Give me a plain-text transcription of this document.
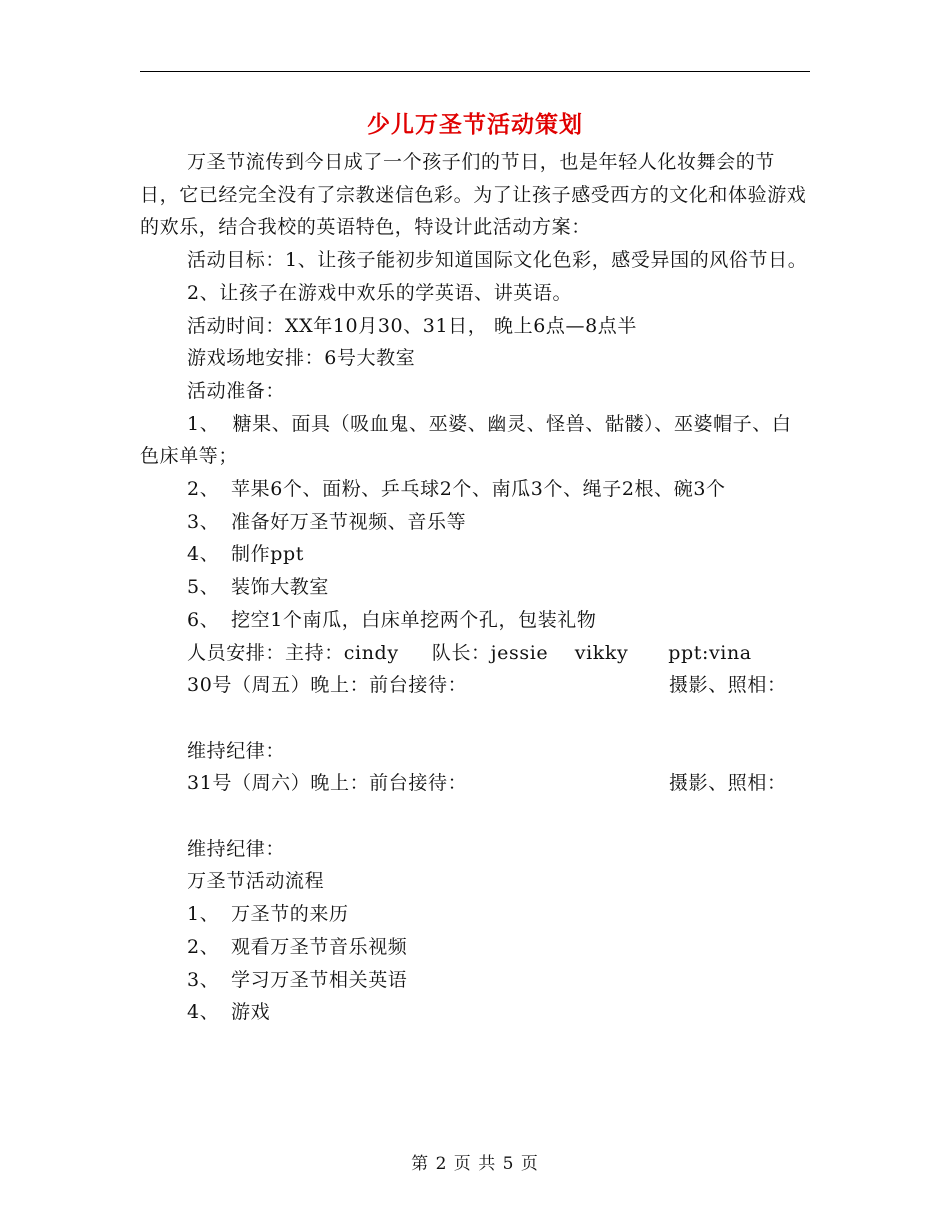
少儿万圣节活动策划

万圣节流传到今日成了一个孩子们的节日，也是年轻人化妆舞会的节日，它已经完全没有了宗教迷信色彩。为了让孩子感受西方的文化和体验游戏的欢乐，结合我校的英语特色，特设计此活动方案：

活动目标：1、让孩子能初步知道国际文化色彩，感受异国的风俗节日。

2、让孩子在游戏中欢乐的学英语、讲英语。

活动时间：XX年10月30、31日， 晚上6点—8点半

游戏场地安排：6号大教室

活动准备：

1、 糖果、面具（吸血鬼、巫婆、幽灵、怪兽、骷髅）、巫婆帽子、白色床单等；

2、 苹果6个、面粉、乒乓球2个、南瓜3个、绳子2根、碗3个
3、 准备好万圣节视频、音乐等
4、 制作ppt
5、 装饰大教室
6、 挖空1个南瓜，白床单挖两个孔，包装礼物

人员安排：主持：cindy 队长：jessie vikky ppt:vina

30号（周五）晚上：前台接待：	摄影、照相：
维持纪律：
31号（周六）晚上：前台接待：	摄影、照相：
维持纪律：
万圣节活动流程
1、 万圣节的来历
2、 观看万圣节音乐视频
3、 学习万圣节相关英语
4、 游戏
第 2 页 共 5 页
